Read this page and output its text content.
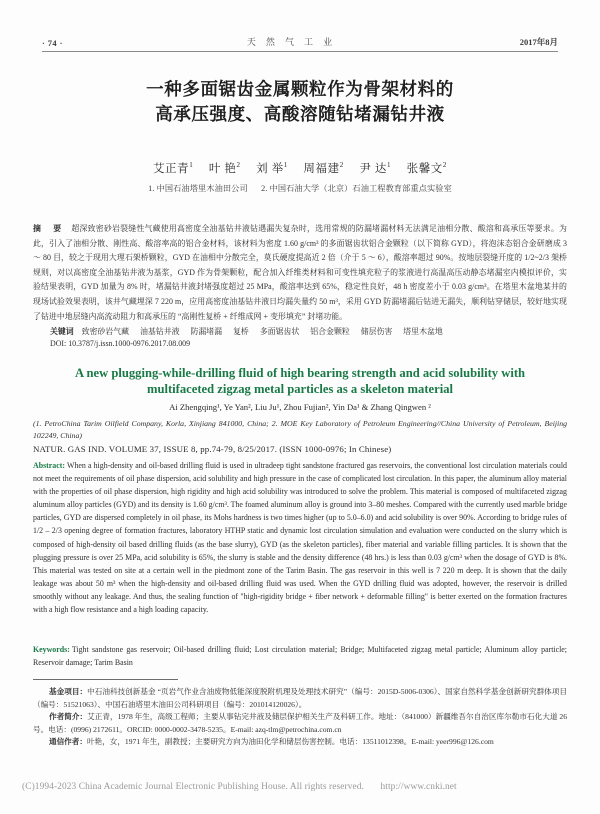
· 74 ·	天 然 气 工 业	2017年8月
一种多面锯齿金属颗粒作为骨架材料的
高承压强度、高酸溶随钻堵漏钻井液
艾正青$^1$ 叶 艳$^2$ 刘 举$^1$ 周福建$^2$ 尹 达$^1$ 张馨文$^2$
1. 中国石油塔里木油田公司 2. 中国石油大学（北京）石油工程教育部重点实验室
摘 要 超深致密砂岩裂缝性气藏使用高密度全油基钻井液钻遇漏失复杂时，选用常规的防漏堵漏材料无法满足油相分散、酸溶和高承压等要求。为此，引入了油相分散、刚性高、酸溶率高的铝合金材料，该材料为密度 1.60 g/cm³ 的多面锯齿状铝合金颗粒（以下简称 GYD），将泡沫态铝合金研磨成 3 ～ 80 目，较之于现用大理石架桥颗粒，GYD 在油相中分散完全，莫氏硬度提高近 2 倍（介于 5 ～ 6），酸溶率超过 90%。按地层裂缝开度的 1/2~2/3 架桥规则，对以高密度全油基钻井液为基浆，GYD 作为骨架颗粒，配合加入纤维类材料和可变性填充粒子的浆液进行高温高压动静态堵漏室内模拟评价，实验结果表明，GYD 加量为 8% 时，堵漏钻井液封堵强度超过 25 MPa，酸溶率达到 65%，稳定性良好，48 h 密度差小于 0.03 g/cm³。在塔里木盆地某井的现场试验效果表明，该井气藏埋深 7 220 m，应用高密度油基钻井液日均漏失量约 50 m³，采用 GYD 防漏堵漏后钻进无漏失，顺利钻穿储层，较好地实现了钻进中地层缝内高流动阻力和高承压的 “高刚性复桥 + 纤维成网 + 变形填充” 封堵功能。
关键词 致密砂岩气藏 油基钻井液 防漏堵漏 复桥 多面锯齿状 铝合金颗粒 储层伤害 塔里木盆地
DOI: 10.3787/j.issn.1000-0976.2017.08.009
A new plugging-while-drilling fluid of high bearing strength and acid solubility with
multifaceted zigzag metal particles as a skeleton material
Ai Zhengqing¹, Ye Yan², Liu Ju¹, Zhou Fujian², Yin Da¹ & Zhang Qingwen ²
(1. PetroChina Tarim Oilfield Company, Korla, Xinjiang 841000, China; 2. MOE Key Laboratory of Petroleum Engineering//China University of Petroleum, Beijing 102249, China)
NATUR. GAS IND. VOLUME 37, ISSUE 8, pp.74-79, 8/25/2017. (ISSN 1000-0976; In Chinese)
Abstract: When a high-density and oil-based drilling fluid is used in ultradeep tight sandstone fractured gas reservoirs, the conventional lost circulation materials could not meet the requirements of oil phase dispersion, acid solubility and high pressure in the case of complicated lost circulation. In this paper, the aluminum alloy material with the properties of oil phase dispersion, high rigidity and high acid solubility was introduced to solve the problem. This material is composed of multifaceted zigzag aluminum alloy particles (GYD) and its density is 1.60 g/cm³. The foamed aluminum alloy is ground into 3–80 meshes. Compared with the currently used marble bridge particles, GYD are dispersed completely in oil phase, its Mohs hardness is two times higher (up to 5.0–6.0) and acid solubility is over 90%. According to bridge rules of 1/2 – 2/3 opening degree of formation fractures, laboratory HTHP static and dynamic lost circulation simulation and evaluation were conducted on the slurry which is composed of high-density oil based drilling fluids (as the base slurry), GYD (as the skeleton particles), fiber material and variable filling particles. It is shown that the plugging pressure is over 25 MPa, acid solubility is 65%, the slurry is stable and the density difference (48 hrs.) is less than 0.03 g/cm³ when the dosage of GYD is 8%. This material was tested on site at a certain well in the piedmont zone of the Tarim Basin. The gas reservoir in this well is 7 220 m deep. It is shown that the daily leakage was about 50 m³ when the high-density and oil-based drilling fluid was used. When the GYD drilling fluid was adopted, however, the reservoir is drilled smoothly without any leakage. And thus, the sealing function of "high-rigidity bridge + fiber network + deformable filling" is better exerted on the formation fractures with a high flow resistance and a high loading capacity.
Keywords: Tight sandstone gas reservoir; Oil-based drilling fluid; Lost circulation material; Bridge; Multifaceted zigzag metal particle; Aluminum alloy particle; Reservoir damage; Tarim Basin

基金项目：中石油科技创新基金 “页岩气作业含油废物低能深度脱附机理及处理技术研究”（编号：2015D-5006-0306）、国家自然科学基金创新研究群体项目（编号：51521063）、中国石油塔里木油田公司科研项目（编号：201014120026）。

作者简介：艾正青，1978 年生，高级工程师；主要从事钻完井液及储层保护相关生产及科研工作。地址：（841000）新疆维吾尔自治区库尔勒市石化大道 26 号。电话：(0996) 2172611。ORCID: 0000-0002-3478-5235。E-mail: azq-tlm@petrochina.com.cn

通信作者：叶艳，女，1971 年生，副教授；主要研究方向为油田化学和储层伤害控制。电话：13511012398。E-mail: yeer996@126.com

(C)1994-2023 China Academic Journal Electronic Publishing House. All rights reserved. http://www.cnki.net
